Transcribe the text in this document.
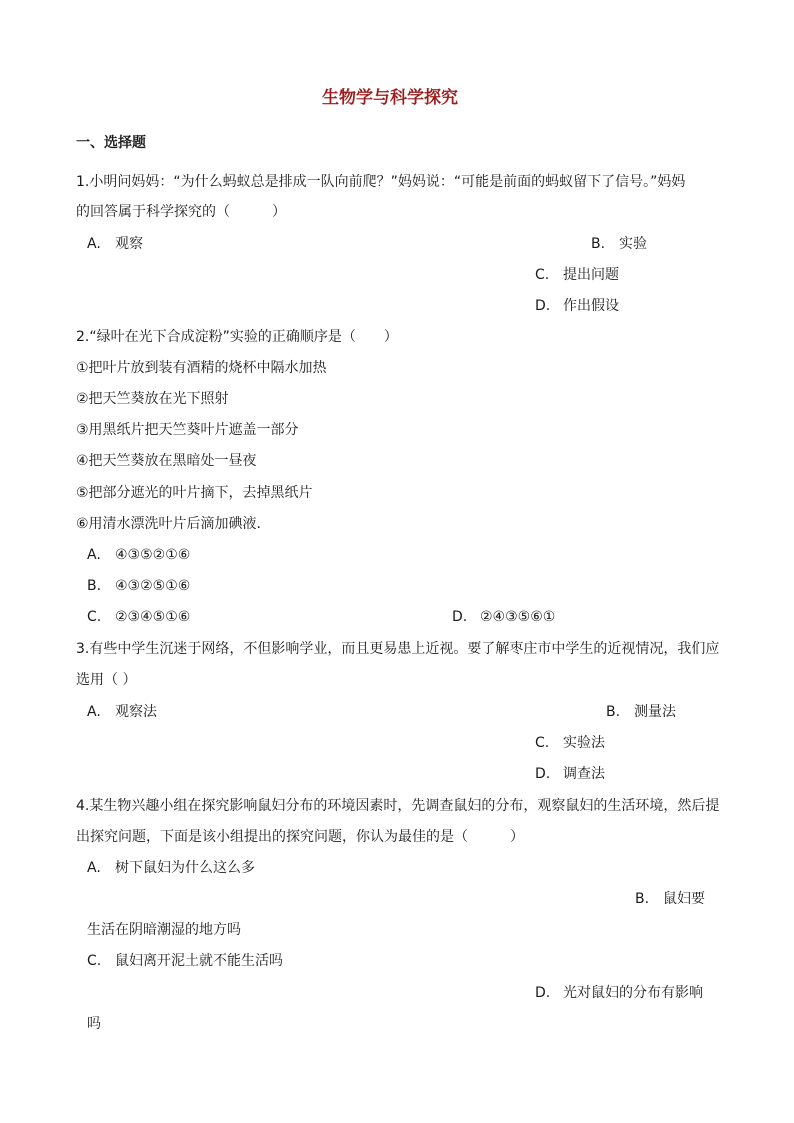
生物学与科学探究
一、选择题
1.小明问妈妈：“为什么蚂蚁总是排成一队向前爬？”妈妈说：“可能是前面的蚂蚁留下了信号。”妈妈
的回答属于科学探究的（　　　）
A. 观察	B. 实验
C. 提出问题
D. 作出假设
2.“绿叶在光下合成淀粉”实验的正确顺序是（　　）
①把叶片放到装有酒精的烧杯中隔水加热
②把天竺葵放在光下照射
③用黑纸片把天竺葵叶片遮盖一部分
④把天竺葵放在黑暗处一昼夜
⑤把部分遮光的叶片摘下，去掉黑纸片
⑥用清水漂洗叶片后滴加碘液.
A. ④③⑤②①⑥
B. ④③②⑤①⑥
C. ②③④⑤①⑥	D. ②④③⑤⑥①
3.有些中学生沉迷于网络，不但影响学业，而且更易患上近视。要了解枣庄市中学生的近视情况，我们应
选用（ ）
A. 观察法	B. 测量法
C. 实验法
D. 调查法
4.某生物兴趣小组在探究影响鼠妇分布的环境因素时，先调查鼠妇的分布，观察鼠妇的生活环境，然后提
出探究问题，下面是该小组提出的探究问题，你认为最佳的是（　　　）
A. 树下鼠妇为什么这么多
B. 鼠妇要
生活在阴暗潮湿的地方吗
C. 鼠妇离开泥土就不能生活吗
D. 光对鼠妇的分布有影响
吗
